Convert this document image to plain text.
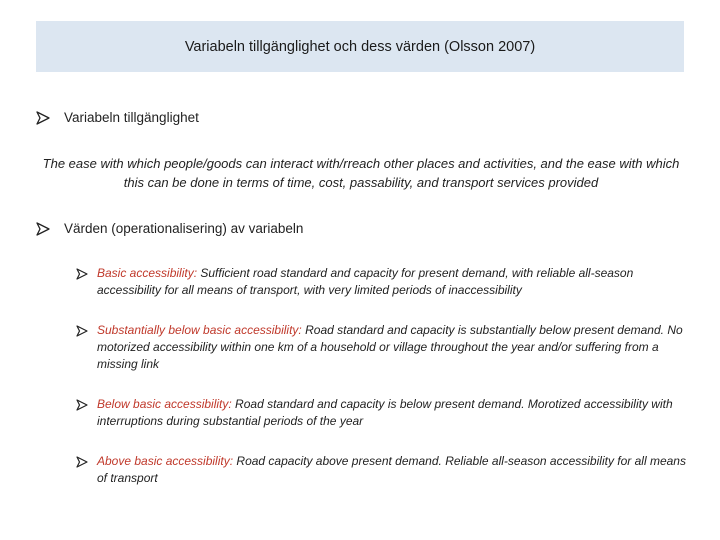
Variabeln tillgänglighet och dess värden (Olsson 2007)
Variabeln tillgänglighet
The ease with which people/goods can interact with/rreach other places and activities, and the ease with which this can be done in terms of time, cost, passability, and transport services provided
Värden (operationalisering) av variabeln
Basic accessibility: Sufficient road standard and capacity for present demand, with reliable all-season accessibility for all means of transport, with very limited periods of inaccessibility
Substantially below basic accessibility: Road standard and capacity is substantially below present demand. No motorized accessibility within one km of a household or village throughout the year and/or suffering from a missing link
Below basic accessibility: Road standard and capacity is below present demand. Morotized accessibility with interruptions during substantial periods of the year
Above basic accessibility: Road capacity above present demand. Reliable all-season accessibility for all means of transport
